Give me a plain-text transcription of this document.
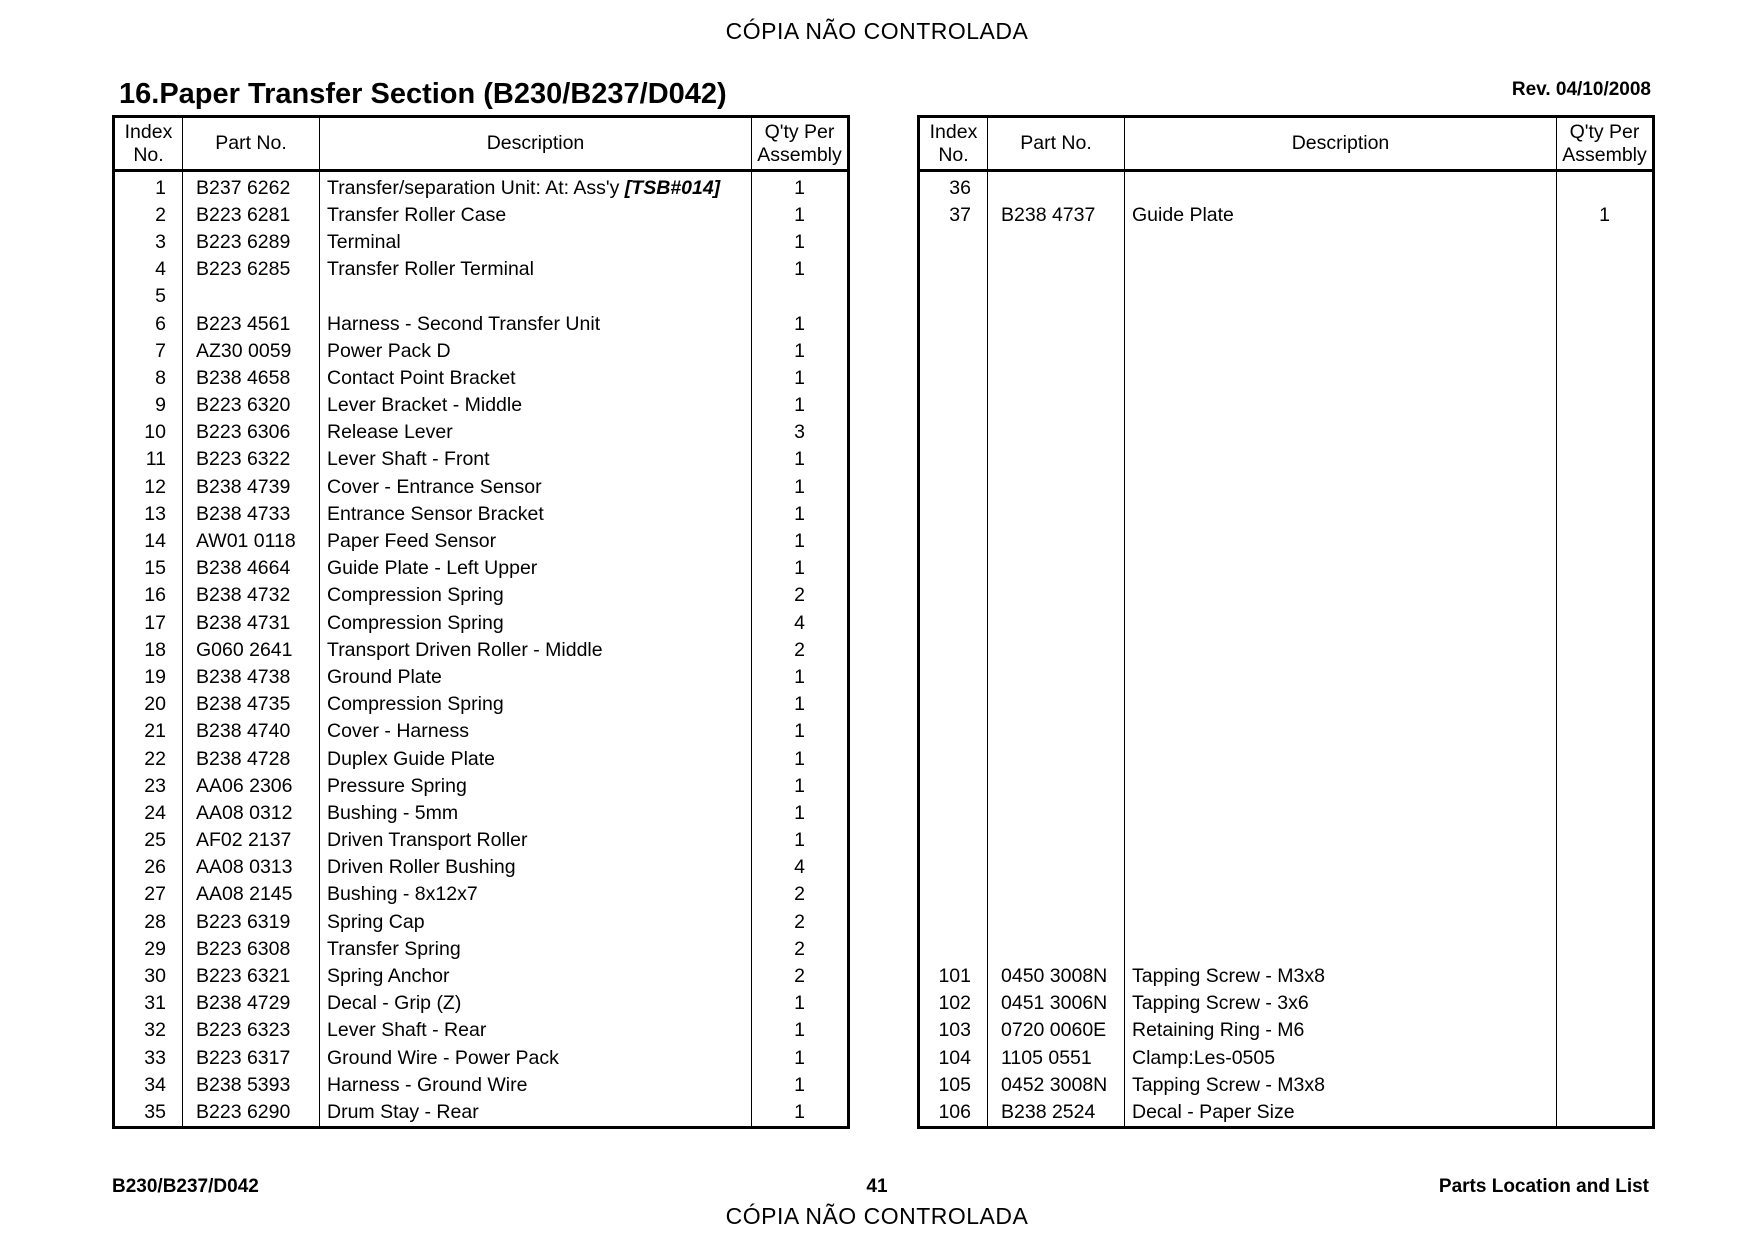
CÓPIA NÃO CONTROLADA
16.Paper Transfer Section (B230/B237/D042)	Rev. 04/10/2008
Index No.	Part No.	Description	Q'ty Per Assembly
1	B237 6262	Transfer/separation Unit: At: Ass'y [TSB#014]	1
2	B223 6281	Transfer Roller Case	1
3	B223 6289	Terminal	1
4	B223 6285	Transfer Roller Terminal	1
5			
6	B223 4561	Harness - Second Transfer Unit	1
7	AZ30 0059	Power Pack D	1
8	B238 4658	Contact Point Bracket	1
9	B223 6320	Lever Bracket - Middle	1
10	B223 6306	Release Lever	3
11	B223 6322	Lever Shaft - Front	1
12	B238 4739	Cover - Entrance Sensor	1
13	B238 4733	Entrance Sensor Bracket	1
14	AW01 0118	Paper Feed Sensor	1
15	B238 4664	Guide Plate - Left Upper	1
16	B238 4732	Compression Spring	2
17	B238 4731	Compression Spring	4
18	G060 2641	Transport Driven Roller - Middle	2
19	B238 4738	Ground Plate	1
20	B238 4735	Compression Spring	1
21	B238 4740	Cover - Harness	1
22	B238 4728	Duplex Guide Plate	1
23	AA06 2306	Pressure Spring	1
24	AA08 0312	Bushing - 5mm	1
25	AF02 2137	Driven Transport Roller	1
26	AA08 0313	Driven Roller Bushing	4
27	AA08 2145	Bushing - 8x12x7	2
28	B223 6319	Spring Cap	2
29	B223 6308	Transfer Spring	2
30	B223 6321	Spring Anchor	2
31	B238 4729	Decal - Grip (Z)	1
32	B223 6323	Lever Shaft - Rear	1
33	B223 6317	Ground Wire - Power Pack	1
34	B238 5393	Harness - Ground Wire	1
35	B223 6290	Drum Stay - Rear	1
Index No.	Part No.	Description	Q'ty Per Assembly
36			
37	B238 4737	Guide Plate	1

101	0450 3008N	Tapping Screw - M3x8	
102	0451 3006N	Tapping Screw - 3x6	
103	0720 0060E	Retaining Ring - M6	
104	1105 0551	Clamp:Les-0505	
105	0452 3008N	Tapping Screw - M3x8	
106	B238 2524	Decal - Paper Size	
B230/B237/D042	41	Parts Location and List
CÓPIA NÃO CONTROLADA
